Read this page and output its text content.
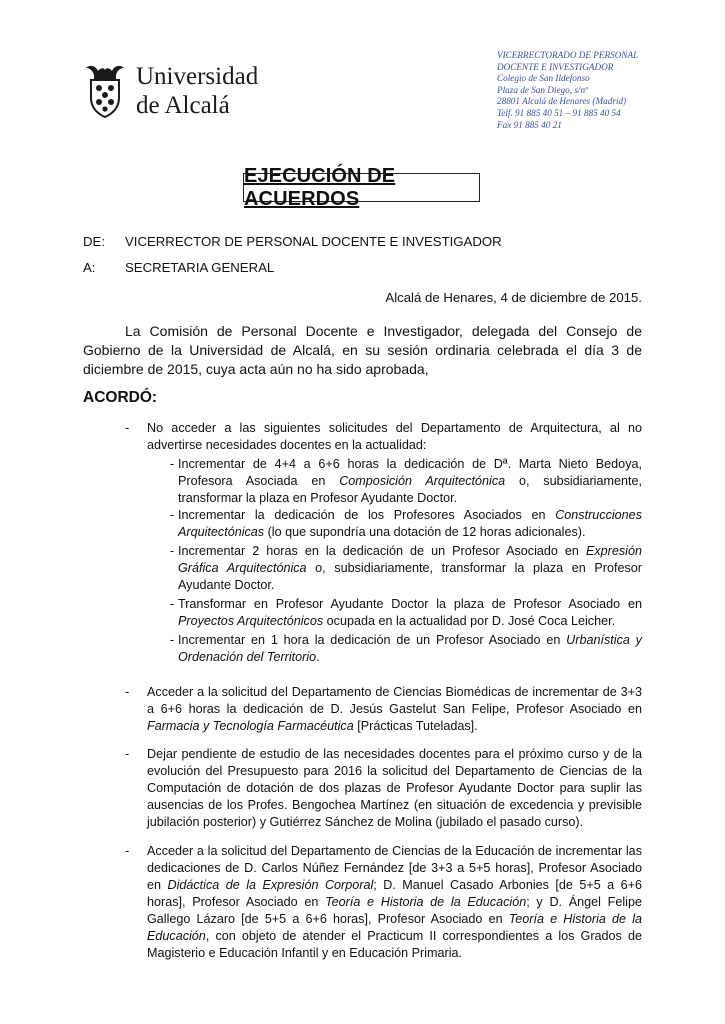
Universidad
de Alcalá
VICERRECTORADO DE PERSONAL
DOCENTE E INVESTIGADOR
Colegio de San Ildefonso
Plaza de San Diego, s/nº
28801 Alcalá de Henares (Madrid)
Telf. 91 885 40 51 – 91 885 40 54
Fax 91 885 40 21
EJECUCIÓN DE ACUERDOS
DE: VICERRECTOR DE PERSONAL DOCENTE E INVESTIGADOR
A: SECRETARIA GENERAL
Alcalá de Henares, 4 de diciembre de 2015.
La Comisión de Personal Docente e Investigador, delegada del Consejo de Gobierno de la Universidad de Alcalá, en su sesión ordinaria celebrada el día 3 de diciembre de 2015, cuya acta aún no ha sido aprobada,
ACORDÓ:
- No acceder a las siguientes solicitudes del Departamento de Arquitectura, al no advertirse necesidades docentes en la actualidad:
- Incrementar de 4+4 a 6+6 horas la dedicación de Dª. Marta Nieto Bedoya, Profesora Asociada en Composición Arquitectónica o, subsidiariamente, transformar la plaza en Profesor Ayudante Doctor.
- Incrementar la dedicación de los Profesores Asociados en Construcciones Arquitectónicas (lo que supondría una dotación de 12 horas adicionales).
- Incrementar 2 horas en la dedicación de un Profesor Asociado en Expresión Gráfica Arquitectónica o, subsidiariamente, transformar la plaza en Profesor Ayudante Doctor.
- Transformar en Profesor Ayudante Doctor la plaza de Profesor Asociado en Proyectos Arquitectónicos ocupada en la actualidad por D. José Coca Leicher.
- Incrementar en 1 hora la dedicación de un Profesor Asociado en Urbanística y Ordenación del Territorio.
- Acceder a la solicitud del Departamento de Ciencias Biomédicas de incrementar de 3+3 a 6+6 horas la dedicación de D. Jesús Gastelut San Felipe, Profesor Asociado en Farmacia y Tecnología Farmacéutica [Prácticas Tuteladas].
- Dejar pendiente de estudio de las necesidades docentes para el próximo curso y de la evolución del Presupuesto para 2016 la solicitud del Departamento de Ciencias de la Computación de dotación de dos plazas de Profesor Ayudante Doctor para suplir las ausencias de los Profes. Bengochea Martínez (en situación de excedencia y previsible jubilación posterior) y Gutiérrez Sánchez de Molina (jubilado el pasado curso).
- Acceder a la solicitud del Departamento de Ciencias de la Educación de incrementar las dedicaciones de D. Carlos Núñez Fernández [de 3+3 a 5+5 horas], Profesor Asociado en Didáctica de la Expresión Corporal; D. Manuel Casado Arbonies [de 5+5 a 6+6 horas], Profesor Asociado en Teoría e Historia de la Educación; y D. Ángel Felipe Gallego Lázaro [de 5+5 a 6+6 horas], Profesor Asociado en Teoría e Historia de la Educación, con objeto de atender el Practicum II correspondientes a los Grados de Magisterio e Educación Infantil y en Educación Primaria.
